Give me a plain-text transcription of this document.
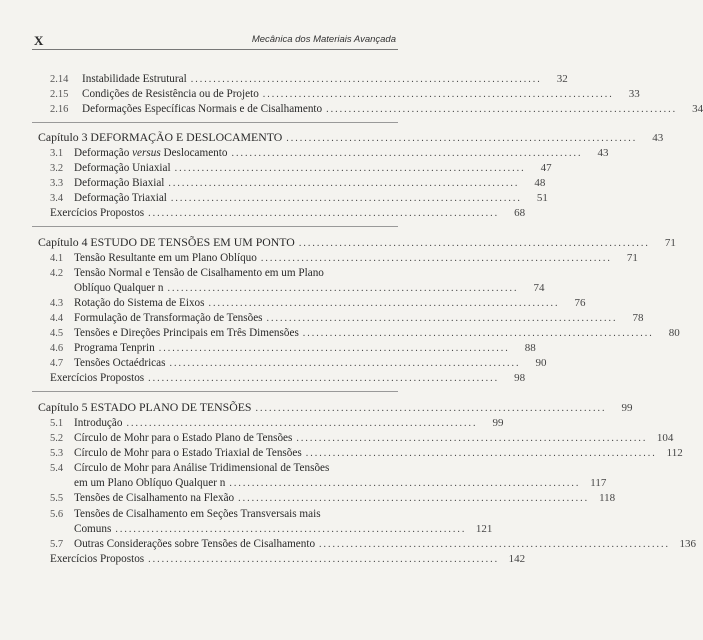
X	Mecânica dos Materiais Avançada
2.14	Instabilidade Estrutural ..............................................................................	32
2.15	Condições de Resistência ou de Projeto ..............................................................................	33
2.16	Deformações Específicas Normais e de Cisalhamento ..............................................................................	34
Capítulo 3 DEFORMAÇÃO E DESLOCAMENTO ..............................................................................	43
3.1 Deformação versus Deslocamento ..............................................................................	43
3.2 Deformação Uniaxial ..............................................................................	47
3.3 Deformação Biaxial ..............................................................................	48
3.4 Deformação Triaxial ..............................................................................	51
Exercícios Propostos ..............................................................................	68
Capítulo 4 ESTUDO DE TENSÕES EM UM PONTO ..............................................................................	71
4.1 Tensão Resultante em um Plano Oblíquo ..............................................................................	71
4.2 Tensão Normal e Tensão de Cisalhamento em um Plano
Oblíquo Qualquer n ..............................................................................	74
4.3 Rotação do Sistema de Eixos ..............................................................................	76
4.4 Formulação de Transformação de Tensões ..............................................................................	78
4.5 Tensões e Direções Principais em Três Dimensões ..............................................................................	80
4.6 Programa Tenprin ..............................................................................	88
4.7 Tensões Octaédricas ..............................................................................	90
Exercícios Propostos ..............................................................................	98
Capítulo 5 ESTADO PLANO DE TENSÕES ..............................................................................	99
5.1 Introdução ..............................................................................	99
5.2 Círculo de Mohr para o Estado Plano de Tensões .............................................................................. 104
5.3 Círculo de Mohr para o Estado Triaxial de Tensões .............................................................................. 112
5.4 Círculo de Mohr para Análise Tridimensional de Tensões
em um Plano Oblíquo Qualquer n .............................................................................. 117
5.5 Tensões de Cisalhamento na Flexão .............................................................................. 118
5.6 Tensões de Cisalhamento em Seções Transversais mais
Comuns .............................................................................. 121
5.7 Outras Considerações sobre Tensões de Cisalhamento .............................................................................. 136
Exercícios Propostos .............................................................................. 142
